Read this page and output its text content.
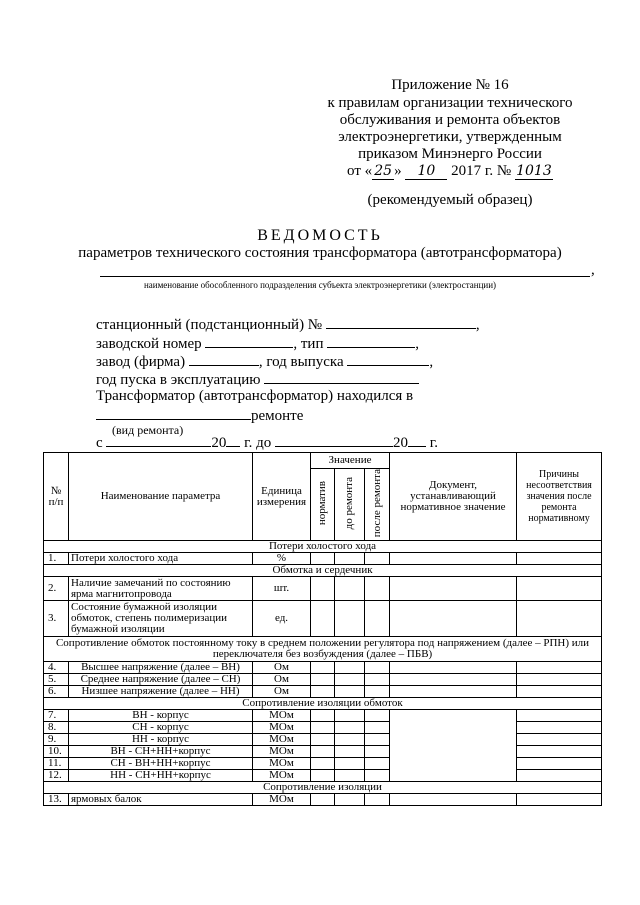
Приложение № 16
к правилам организации технического
обслуживания и ремонта объектов
электроэнергетики, утвержденным
приказом Минэнерго России
от « 25 » 10 2017 г. № 1013
(рекомендуемый образец)
ВЕДОМОСТЬ
параметров технического состояния трансформатора (автотрансформатора)
,
наименование обособленного подразделения субъекта электроэнергетики (электростанции)
станционный (подстанционный) №	,
заводской номер	, тип	,
завод (фирма)	, год выпуска	,
год пуска в эксплуатацию
Трансформатор (автотрансформатор) находился в
ремонте
(вид ремонта)
с	20 г. до	20 г.
№ п/п	Наименование параметра	Единица измерения	Значение			Документ, устанавливающий нормативное значение	Причины несоответствия значения после ремонта нормативному
			норматив	до ремонта	после ремонта		
Потери холостого хода							
1.	Потери холостого хода	%					
Обмотка и сердечник							
2.	Наличие замечаний по состоянию ярма магнитопровода	шт.					
3.	Состояние бумажной изоляции обмоток, степень полимеризации бумажной изоляции	ед.					
Сопротивление обмоток постоянному току в среднем положении регулятора под напряжением (далее – РПН) или переключателя без возбуждения (далее – ПБВ)							
4.	Высшее напряжение (далее – ВН)	Ом					
5.	Среднее напряжение (далее – СН)	Ом					
6.	Низшее напряжение (далее – НН)	Ом					
Сопротивление изоляции обмоток							
7.	ВН - корпус	МОм					
8.	СН - корпус	МОм					
9.	НН - корпус	МОм					
10.	ВН - СН+НН+корпус	МОм					
11.	СН - ВН+НН+корпус	МОм					
12.	НН - СН+НН+корпус	МОм					
Сопротивление изоляции							
13.	ярмовых балок	МОм					
